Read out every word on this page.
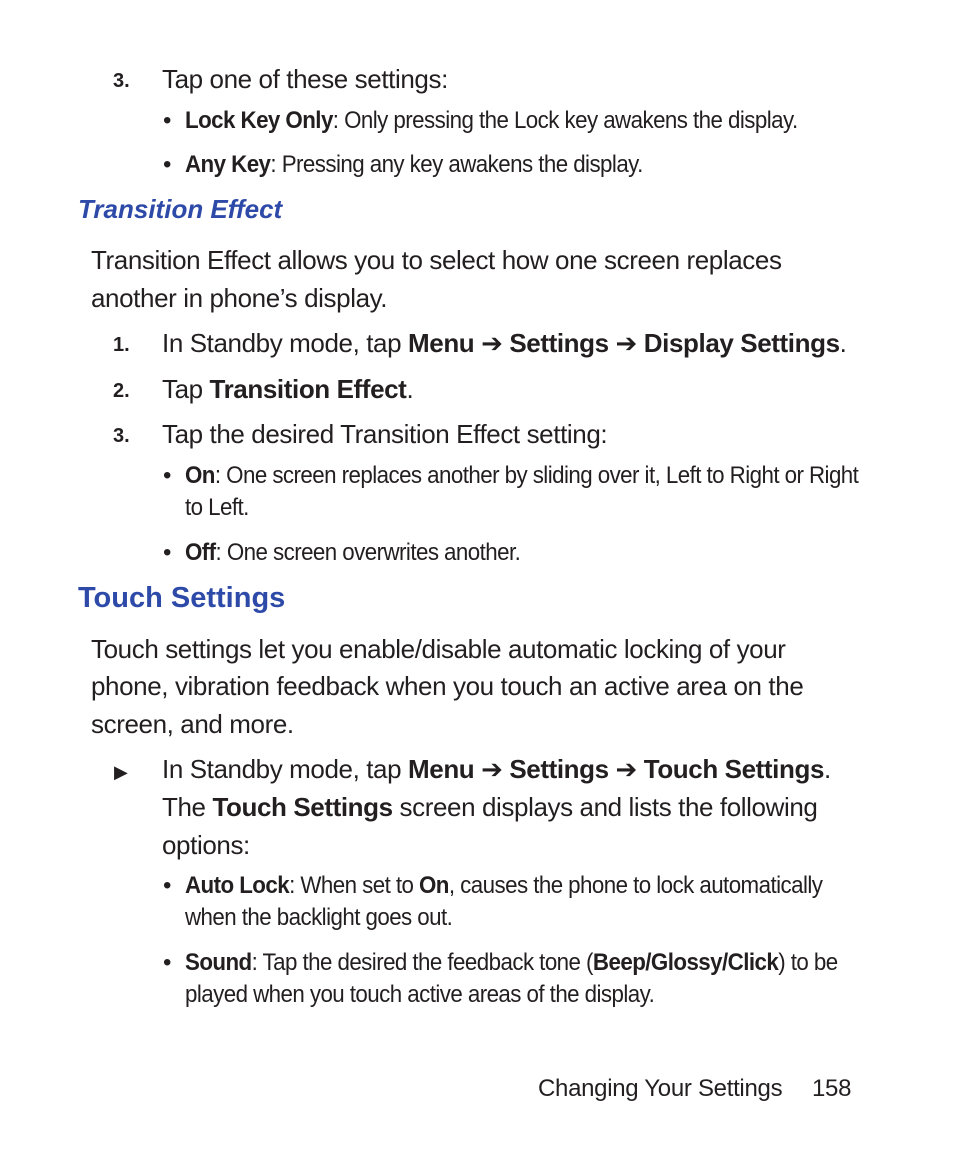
3. Tap one of these settings:
• Lock Key Only: Only pressing the Lock key awakens the display.
• Any Key: Pressing any key awakens the display.
Transition Effect
Transition Effect allows you to select how one screen replaces
another in phone’s display.
1. In Standby mode, tap Menu ➔ Settings ➔ Display Settings.
2. Tap Transition Effect.
3. Tap the desired Transition Effect setting:
• On: One screen replaces another by sliding over it, Left to Right or Right
to Left.
• Off: One screen overwrites another.
Touch Settings
Touch settings let you enable/disable automatic locking of your
phone, vibration feedback when you touch an active area on the
screen, and more.
▶ In Standby mode, tap Menu ➔ Settings ➔ Touch Settings.
The Touch Settings screen displays and lists the following
options:
• Auto Lock: When set to On, causes the phone to lock automatically
when the backlight goes out.
• Sound: Tap the desired the feedback tone (Beep/Glossy/Click) to be
played when you touch active areas of the display.
Changing Your Settings 158
